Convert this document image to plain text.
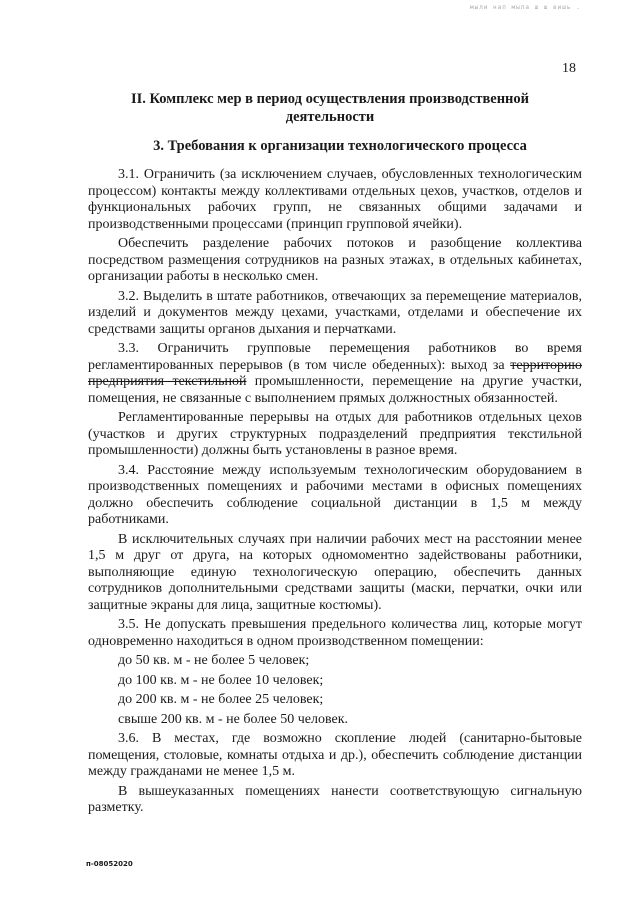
мыли нап мыла ш ш вишь .
18
II. Комплекс мер в период осуществления производственной деятельности
3. Требования к организации технологического процесса

3.1. Ограничить (за исключением случаев, обусловленных технологическим процессом) контакты между коллективами отдельных цехов, участков, отделов и функциональных рабочих групп, не связанных общими задачами и производственными процессами (принцип групповой ячейки).

Обеспечить разделение рабочих потоков и разобщение коллектива посредством размещения сотрудников на разных этажах, в отдельных кабинетах, организации работы в несколько смен.

3.2. Выделить в штате работников, отвечающих за перемещение материалов, изделий и документов между цехами, участками, отделами и обеспечение их средствами защиты органов дыхания и перчатками.

3.3. Ограничить групповые перемещения работников во время регламентированных перерывов (в том числе обеденных): выход за территорию предприятия текстильной промышленности, перемещение на другие участки, помещения, не связанные с выполнением прямых должностных обязанностей.

Регламентированные перерывы на отдых для работников отдельных цехов (участков и других структурных подразделений предприятия текстильной промышленности) должны быть установлены в разное время.

3.4. Расстояние между используемым технологическим оборудованием в производственных помещениях и рабочими местами в офисных помещениях должно обеспечить соблюдение социальной дистанции в 1,5 м между работниками.

В исключительных случаях при наличии рабочих мест на расстоянии менее 1,5 м друг от друга, на которых одномоментно задействованы работники, выполняющие единую технологическую операцию, обеспечить данных сотрудников дополнительными средствами защиты (маски, перчатки, очки или защитные экраны для лица, защитные костюмы).

3.5. Не допускать превышения предельного количества лиц, которые могут одновременно находиться в одном производственном помещении:

до 50 кв. м - не более 5 человек;

до 100 кв. м - не более 10 человек;

до 200 кв. м - не более 25 человек;

свыше 200 кв. м - не более 50 человек.

3.6. В местах, где возможно скопление людей (санитарно-бытовые помещения, столовые, комнаты отдыха и др.), обеспечить соблюдение дистанции между гражданами не менее 1,5 м.

В вышеуказанных помещениях нанести соответствующую сигнальную разметку.

п-08052020
